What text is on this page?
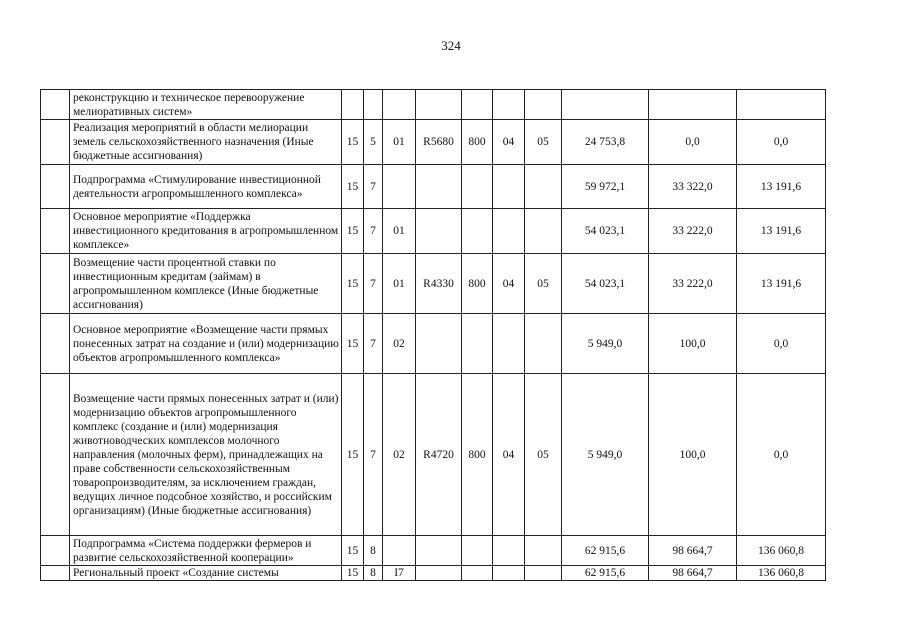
324
	реконструкцию и техническое перевооружение мелиоративных систем»										
	Реализация мероприятий в области мелиорации земель сельскохозяйственного назначения (Иные бюджетные ассигнования)	15	5	01	R5680	800	04	05	24 753,8	0,0	0,0
	Подпрограмма «Стимулирование инвестиционной деятельности агропромышленного комплекса»	15	7						59 972,1	33 322,0	13 191,6
	Основное мероприятие «Поддержка инвестиционного кредитования в агропромышленном комплексе»	15	7	01					54 023,1	33 222,0	13 191,6
	Возмещение части процентной ставки по инвестиционным кредитам (займам) в агропромышленном комплексе (Иные бюджетные ассигнования)	15	7	01	R4330	800	04	05	54 023,1	33 222,0	13 191,6
	Основное мероприятие «Возмещение части прямых понесенных затрат на создание и (или) модернизацию объектов агропромышленного комплекса»	15	7	02					5 949,0	100,0	0,0
	Возмещение части прямых понесенных затрат и (или) модернизацию объектов агропромышленного комплекс (создание и (или) модернизация животноводческих комплексов молочного направления (молочных ферм), принадлежащих на праве собственности сельскохозяйственным товаропроизводителям, за исключением граждан, ведущих личное подсобное хозяйство, и российским организациям) (Иные бюджетные ассигнования)	15	7	02	R4720	800	04	05	5 949,0	100,0	0,0
	Подпрограмма «Система поддержки фермеров и развитие сельскохозяйственной кооперации»	15	8						62 915,6	98 664,7	136 060,8
	Региональный проект «Создание системы	15	8	I7					62 915,6	98 664,7	136 060,8
